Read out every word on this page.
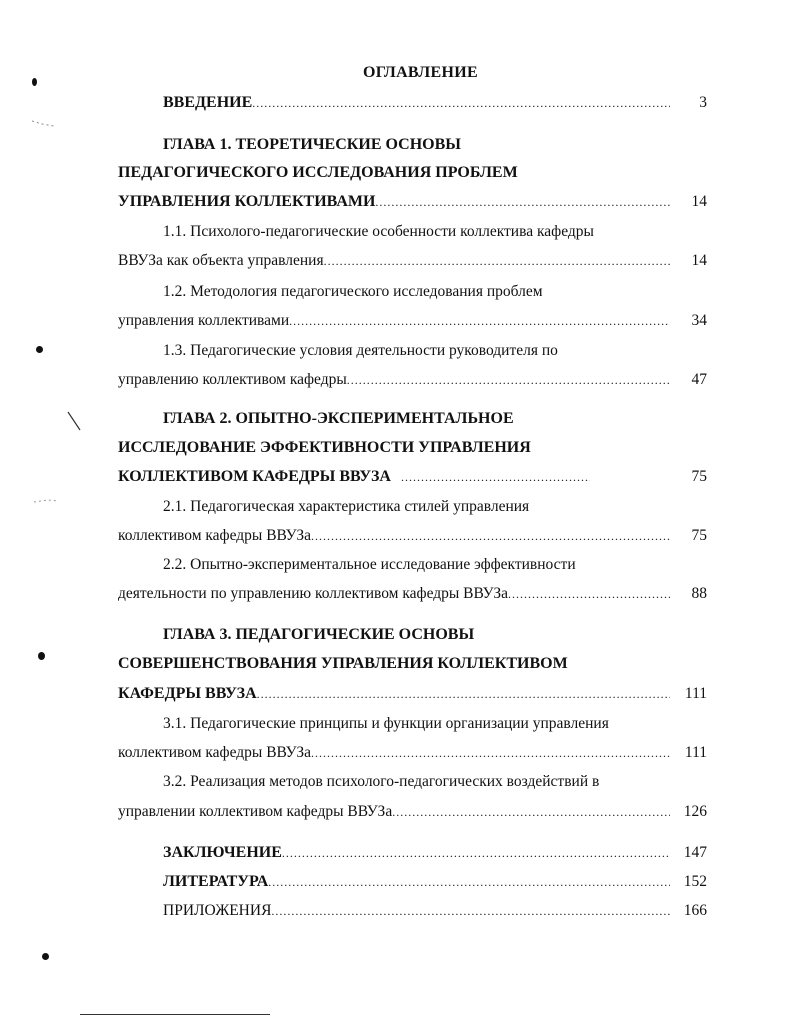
ОГЛАВЛЕНИЕ
ВВЕДЕНИЕ .....	3
ГЛАВА 1. ТЕОРЕТИЧЕСКИЕ ОСНОВЫ
ПЕДАГОГИЧЕСКОГО ИССЛЕДОВАНИЯ ПРОБЛЕМ
УПРАВЛЕНИЯ КОЛЛЕКТИВАМИ .....	14
1.1. Психолого-педагогические особенности коллектива кафедры
ВВУЗа как объекта управления .....	14
1.2. Методология педагогического исследования проблем
управления коллективами .....	34
1.3. Педагогические условия деятельности руководителя по
управлению коллективом кафедры .....	47
ГЛАВА 2. ОПЫТНО-ЭКСПЕРИМЕНТАЛЬНОЕ
ИССЛЕДОВАНИЕ ЭФФЕКТИВНОСТИ УПРАВЛЕНИЯ
КОЛЛЕКТИВОМ КАФЕДРЫ ВВУЗА .....	75
2.1. Педагогическая характеристика стилей управления
коллективом кафедры ВВУЗа .....	75
2.2. Опытно-экспериментальное исследование эффективности
деятельности по управлению коллективом кафедры ВВУЗа .....	88
ГЛАВА 3. ПЕДАГОГИЧЕСКИЕ ОСНОВЫ
СОВЕРШЕНСТВОВАНИЯ УПРАВЛЕНИЯ КОЛЛЕКТИВОМ
КАФЕДРЫ ВВУЗА .....	111
3.1. Педагогические принципы и функции организации управления
коллективом кафедры ВВУЗа .....	111
3.2. Реализация методов психолого-педагогических воздействий в
управлении коллективом кафедры ВВУЗа .....	126
ЗАКЛЮЧЕНИЕ .....	147
ЛИТЕРАТУРА .....	152
ПРИЛОЖЕНИЯ .....	166
